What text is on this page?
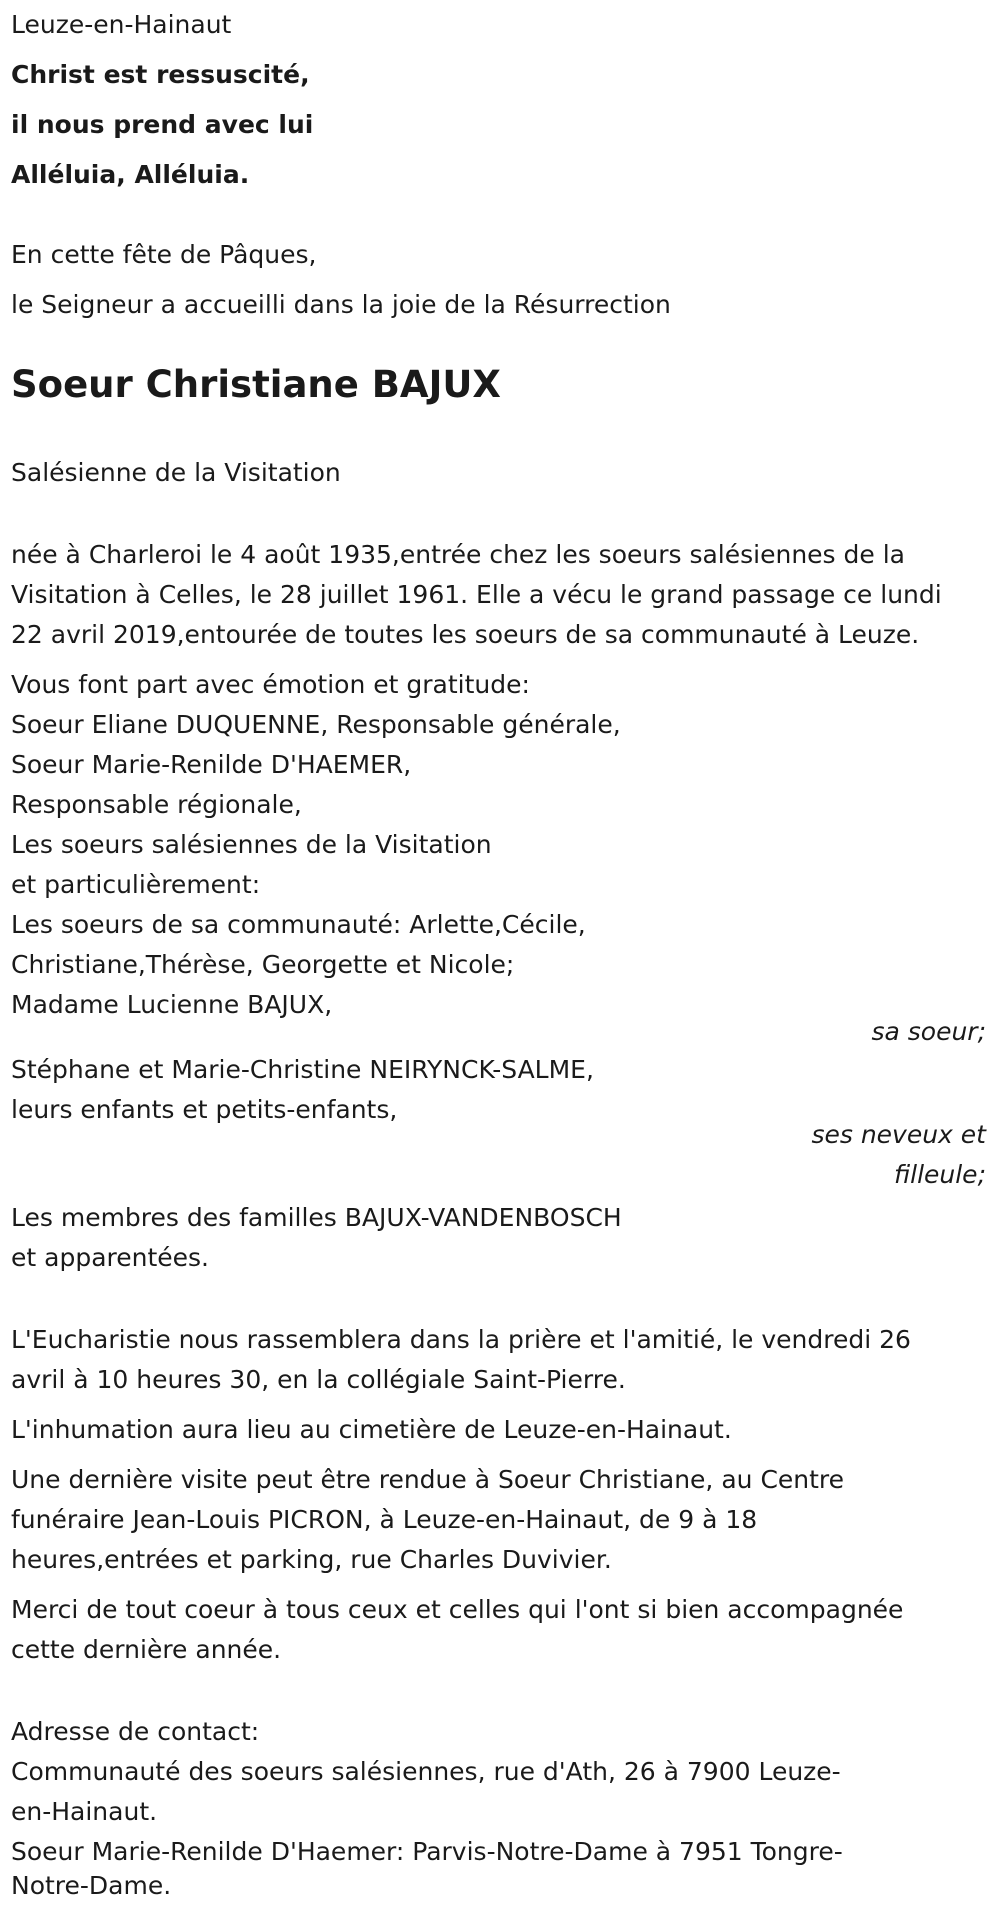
Leuze-en-Hainaut
Christ est ressuscité,
il nous prend avec lui
Alléluia, Alléluia.
En cette fête de Pâques,
le Seigneur a accueilli dans la joie de la Résurrection
Soeur Christiane BAJUX
Salésienne de la Visitation
née à Charleroi le 4 août 1935,entrée chez les soeurs salésiennes de la
Visitation à Celles, le 28 juillet 1961. Elle a vécu le grand passage ce lundi
22 avril 2019,entourée de toutes les soeurs de sa communauté à Leuze.
Vous font part avec émotion et gratitude:
Soeur Eliane DUQUENNE, Responsable générale,
Soeur Marie-Renilde D'HAEMER,
Responsable régionale,
Les soeurs salésiennes de la Visitation
et particulièrement:
Les soeurs de sa communauté: Arlette,Cécile,
Christiane,Thérèse, Georgette et Nicole;
Madame Lucienne BAJUX,
sa soeur;
Stéphane et Marie-Christine NEIRYNCK-SALME,
leurs enfants et petits-enfants,
ses neveux et
filleule;
Les membres des familles BAJUX-VANDENBOSCH
et apparentées.
L'Eucharistie nous rassemblera dans la prière et l'amitié, le vendredi 26
avril à 10 heures 30, en la collégiale Saint-Pierre.
L'inhumation aura lieu au cimetière de Leuze-en-Hainaut.
Une dernière visite peut être rendue à Soeur Christiane, au Centre
funéraire Jean-Louis PICRON, à Leuze-en-Hainaut, de 9 à 18
heures,entrées et parking, rue Charles Duvivier.
Merci de tout coeur à tous ceux et celles qui l'ont si bien accompagnée
cette dernière année.
Adresse de contact:
Communauté des soeurs salésiennes, rue d'Ath, 26 à 7900 Leuze-
en-Hainaut.
Soeur Marie-Renilde D'Haemer: Parvis-Notre-Dame à 7951 Tongre-
Notre-Dame.
